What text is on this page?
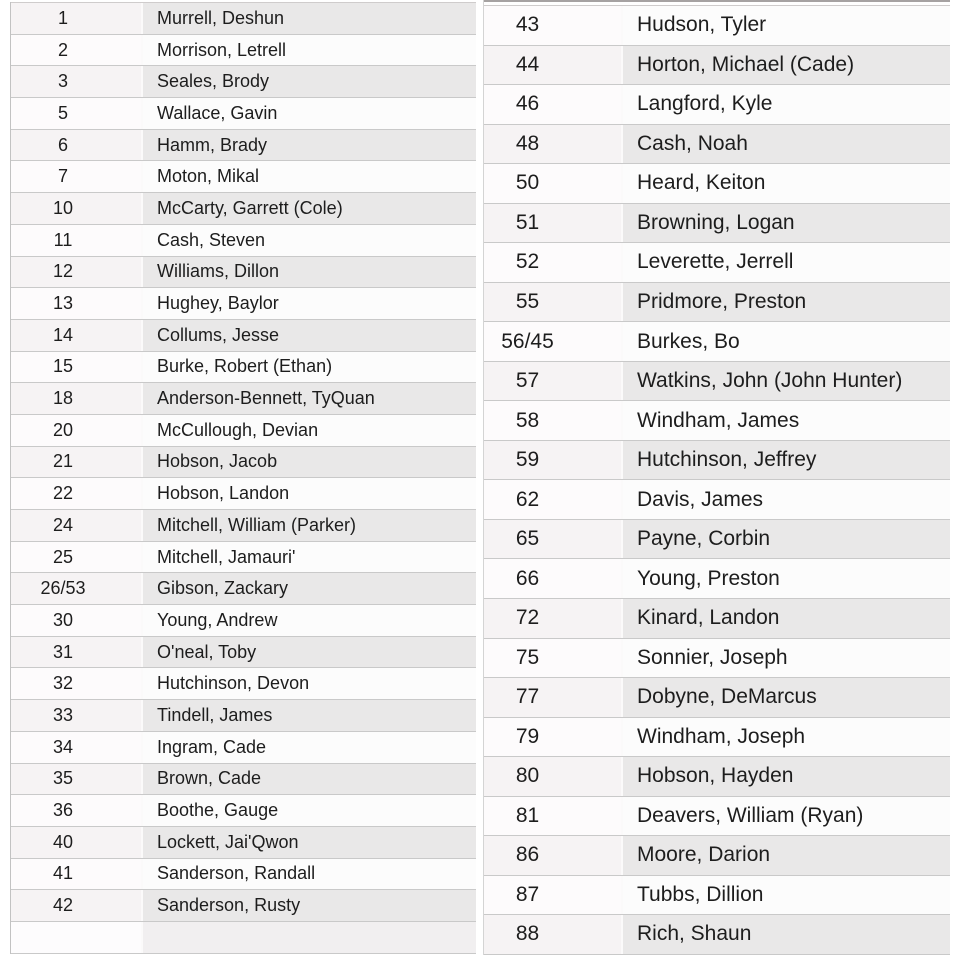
1	Murrell, Deshun
2	Morrison, Letrell
3	Seales, Brody
5	Wallace, Gavin
6	Hamm, Brady
7	Moton, Mikal
10	McCarty, Garrett (Cole)
11	Cash, Steven
12	Williams, Dillon
13	Hughey, Baylor
14	Collums, Jesse
15	Burke, Robert (Ethan)
18	Anderson-Bennett, TyQuan
20	McCullough, Devian
21	Hobson, Jacob
22	Hobson, Landon
24	Mitchell, William (Parker)
25	Mitchell, Jamauri'
26/53	Gibson, Zackary
30	Young, Andrew
31	O'neal, Toby
32	Hutchinson, Devon
33	Tindell, James
34	Ingram, Cade
35	Brown, Cade
36	Boothe, Gauge
40	Lockett, Jai'Qwon
41	Sanderson, Randall
42	Sanderson, Rusty
43	Hudson, Tyler
44	Horton, Michael (Cade)
46	Langford, Kyle
48	Cash, Noah
50	Heard, Keiton
51	Browning, Logan
52	Leverette, Jerrell
55	Pridmore, Preston
56/45	Burkes, Bo
57	Watkins, John (John Hunter)
58	Windham, James
59	Hutchinson, Jeffrey
62	Davis, James
65	Payne, Corbin
66	Young, Preston
72	Kinard, Landon
75	Sonnier, Joseph
77	Dobyne, DeMarcus
79	Windham, Joseph
80	Hobson, Hayden
81	Deavers, William (Ryan)
86	Moore, Darion
87	Tubbs, Dillion
88	Rich, Shaun
